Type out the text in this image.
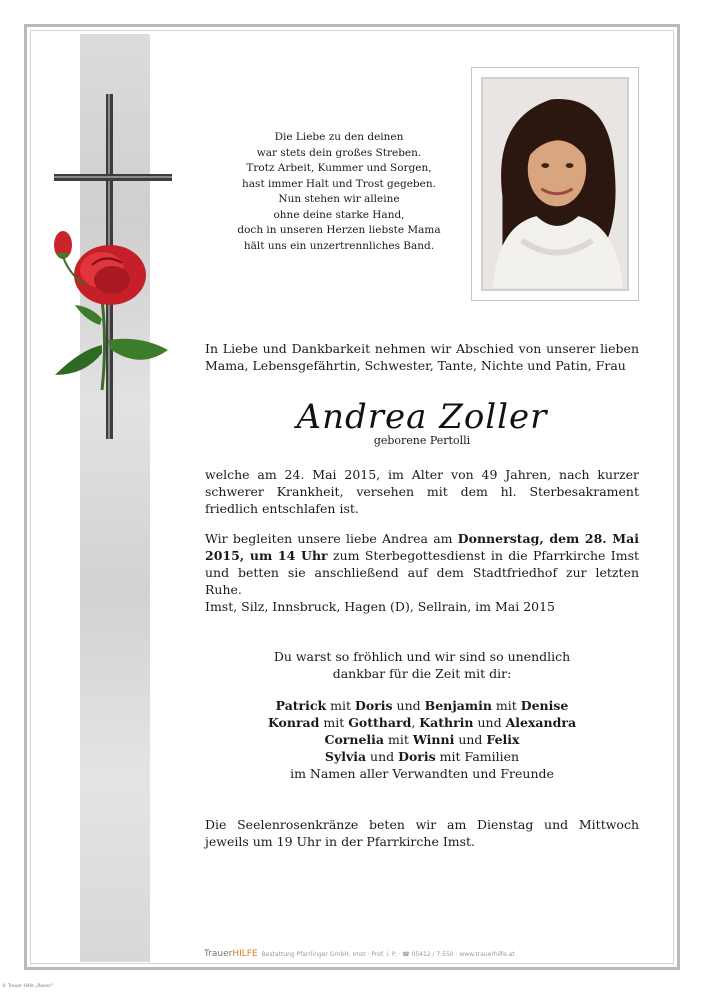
Die Liebe zu den deinen
war stets dein großes Streben.
Trotz Arbeit, Kummer und Sorgen,
hast immer Halt und Trost gegeben.
Nun stehen wir alleine
ohne deine starke Hand,
doch in unseren Herzen liebste Mama
hält uns ein unzertrennliches Band.
In Liebe und Dankbarkeit nehmen wir Abschied von unserer lieben Mama, Lebensgefährtin, Schwester, Tante, Nichte und Patin, Frau
Andrea Zoller
geborene Pertolli
welche am 24. Mai 2015, im Alter von 49 Jahren, nach kurzer schwerer Krankheit, versehen mit dem hl. Sterbesakrament friedlich entschlafen ist.
Wir begleiten unsere liebe Andrea am Donnerstag, dem 28. Mai 2015, um 14 Uhr zum Sterbegottesdienst in die Pfarrkirche Imst und betten sie anschließend auf dem Stadtfriedhof zur letzten Ruhe.
Imst, Silz, Innsbruck, Hagen (D), Sellrain, im Mai 2015
Du warst so fröhlich und wir sind so unendlich
dankbar für die Zeit mit dir:
Patrick mit Doris und Benjamin mit Denise
Konrad mit Gotthard, Kathrin und Alexandra
Cornelia mit Winni und Felix
Sylvia und Doris mit Familien
im Namen aller Verwandten und Freunde
Die Seelenrosenkränze beten wir am Dienstag und Mittwoch jeweils um 19 Uhr in der Pfarrkirche Imst.
TrauerHILFE Bestattung Pfarrlinger GmbH, Imst · Prof. i. P. · ☎ 05412 / 7 550 · www.trauerhilfe.at
© Trauer Hilfe „Rosen"
